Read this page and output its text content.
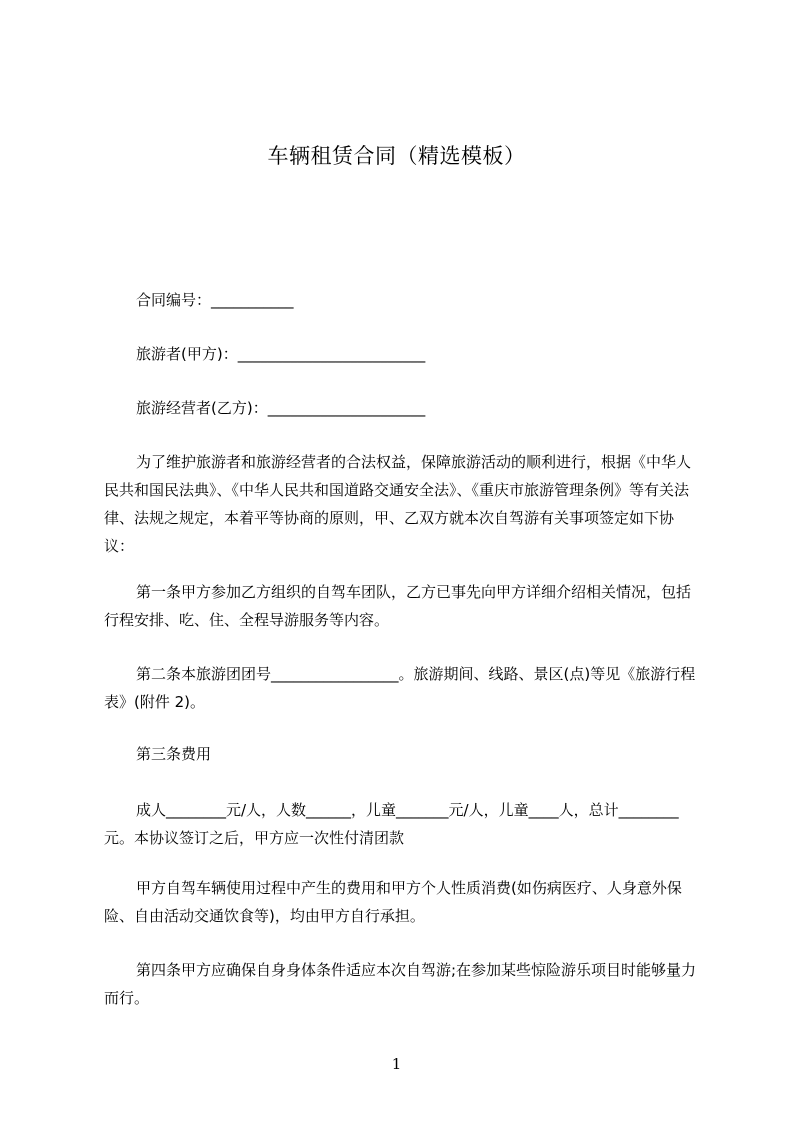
车辆租赁合同（精选模板）
合同编号：___________
旅游者(甲方)：_________________________
旅游经营者(乙方)：_____________________
为了维护旅游者和旅游经营者的合法权益，保障旅游活动的顺利进行，根据《中华人民共和国民法典》、《中华人民共和国道路交通安全法》、《重庆市旅游管理条例》等有关法律、法规之规定，本着平等协商的原则，甲、乙双方就本次自驾游有关事项签定如下协议：
第一条甲方参加乙方组织的自驾车团队，乙方已事先向甲方详细介绍相关情况，包括行程安排、吃、住、全程导游服务等内容。
第二条本旅游团团号_________________。旅游期间、线路、景区(点)等见《旅游行程表》(附件 2)。
第三条费用
成人________元/人，人数______，儿童_______元/人，儿童____人，总计________元。本协议签订之后，甲方应一次性付清团款
甲方自驾车辆使用过程中产生的费用和甲方个人性质消费(如伤病医疗、人身意外保险、自由活动交通饮食等)，均由甲方自行承担。
第四条甲方应确保自身身体条件适应本次自驾游;在参加某些惊险游乐项目时能够量力而行。
1
